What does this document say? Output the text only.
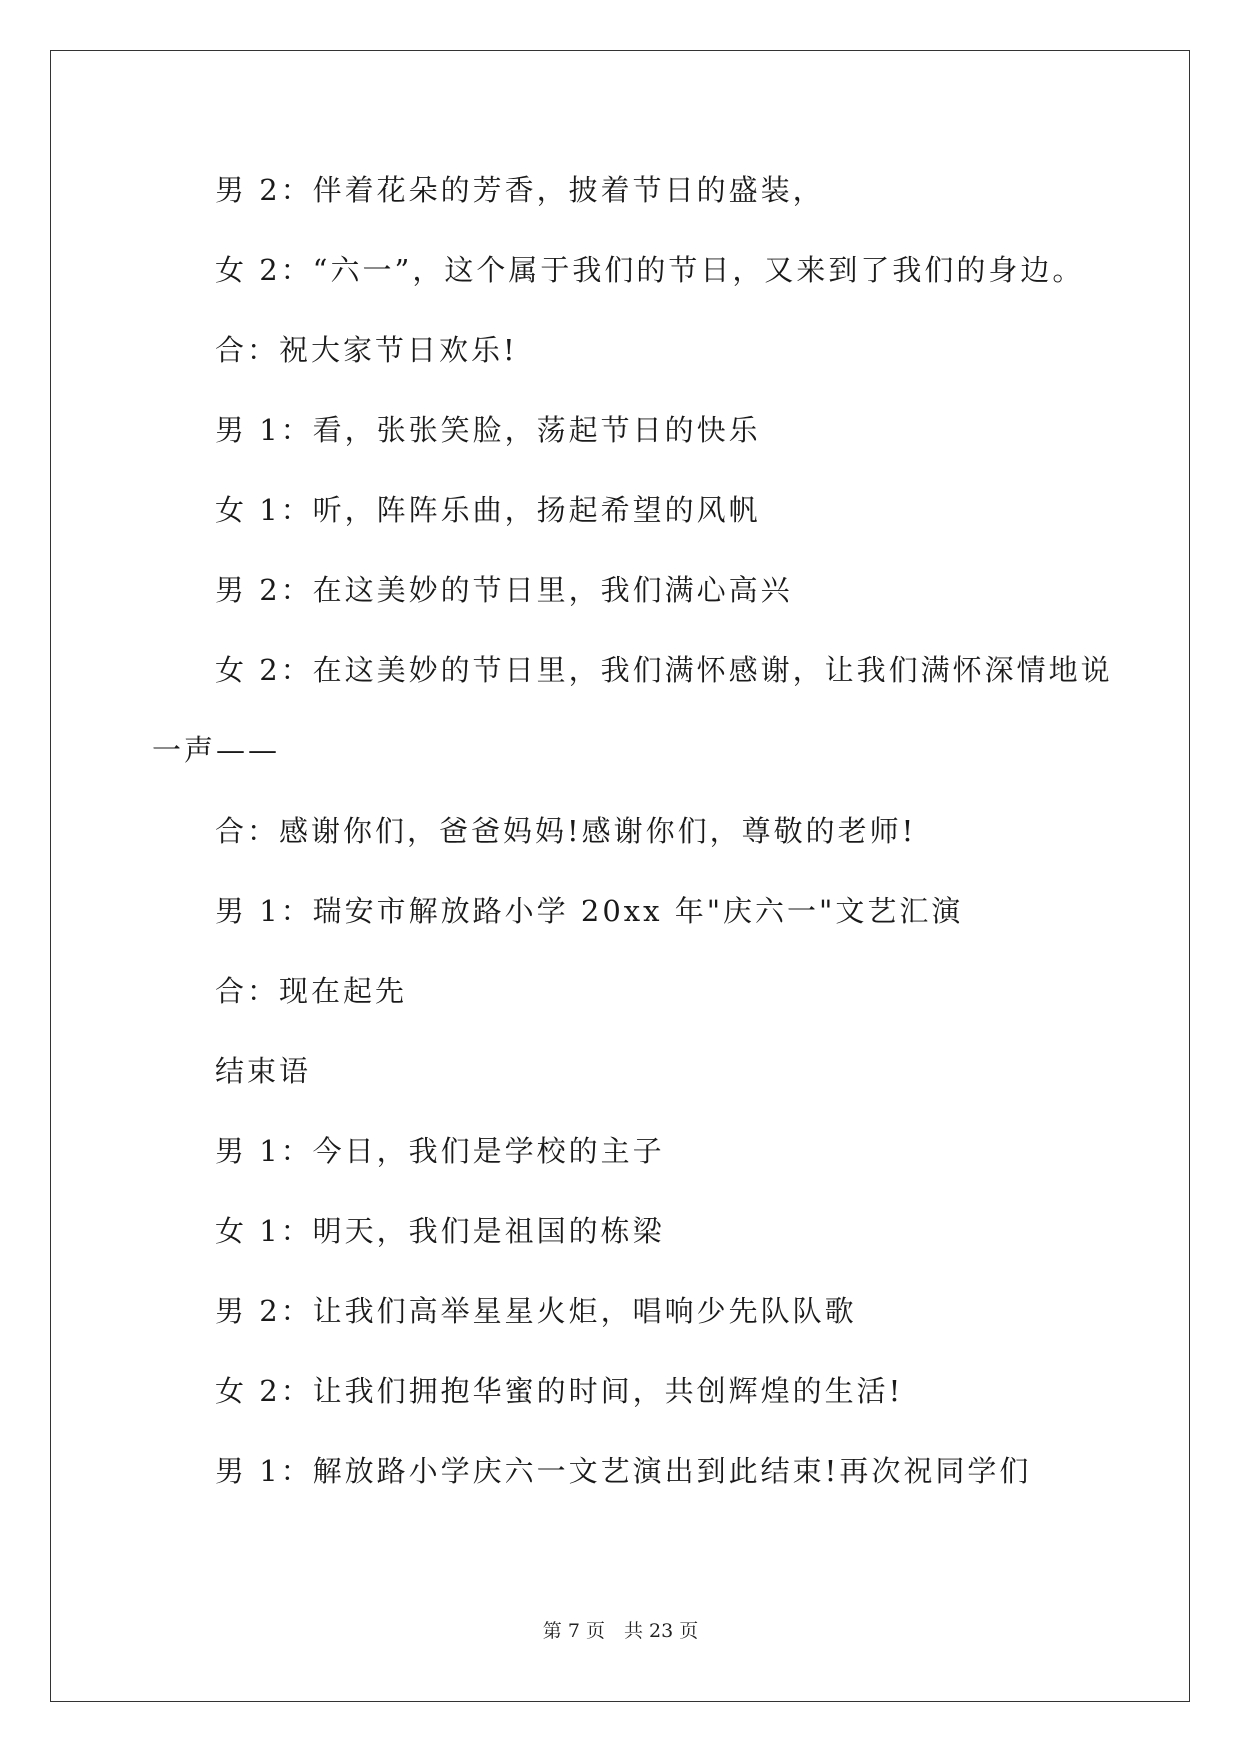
男 2：伴着花朵的芳香，披着节日的盛装，
女 2：“六一”，这个属于我们的节日，又来到了我们的身边。
合：祝大家节日欢乐!
男 1：看，张张笑脸，荡起节日的快乐
女 1：听，阵阵乐曲，扬起希望的风帆
男 2：在这美妙的节日里，我们满心高兴
女 2：在这美妙的节日里，我们满怀感谢，让我们满怀深情地说
一声——
合：感谢你们，爸爸妈妈!感谢你们，尊敬的老师!
男 1：瑞安市解放路小学 20xx 年"庆六一"文艺汇演
合：现在起先
结束语
男 1：今日，我们是学校的主子
女 1：明天，我们是祖国的栋梁
男 2：让我们高举星星火炬，唱响少先队队歌
女 2：让我们拥抱华蜜的时间，共创辉煌的生活!
男 1：解放路小学庆六一文艺演出到此结束!再次祝同学们
第 7 页　共 23 页
